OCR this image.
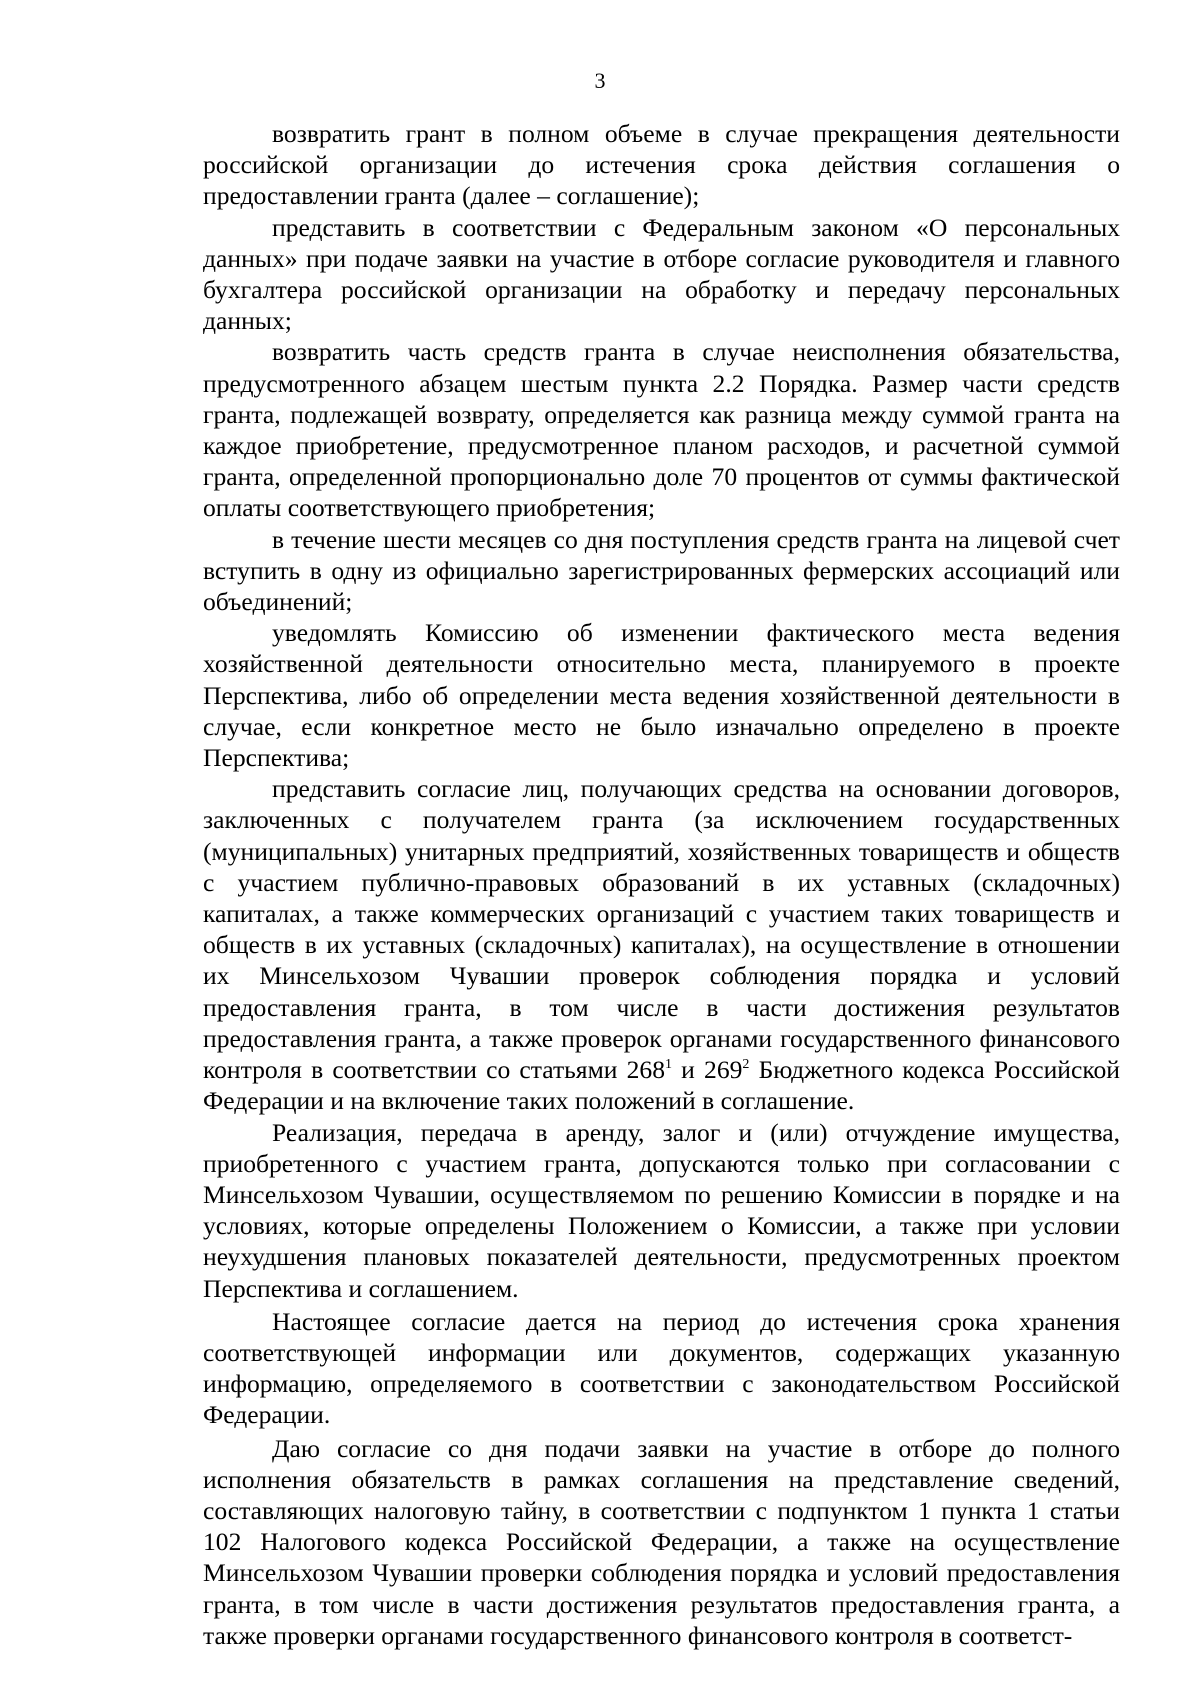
3

возвратить грант в полном объеме в случае прекращения деятельности российской организации до истечения срока действия соглашения о предоставлении гранта (далее – соглашение);

представить в соответствии с Федеральным законом «О персональных данных» при подаче заявки на участие в отборе согласие руководителя и главного бухгалтера российской организации на обработку и передачу персональных данных;

возвратить часть средств гранта в случае неисполнения обязательства, предусмотренного абзацем шестым пункта 2.2 Порядка. Размер части средств гранта, подлежащей возврату, определяется как разница между суммой гранта на каждое приобретение, предусмотренное планом расходов, и расчетной суммой гранта, определенной пропорционально доле 70 процентов от суммы фактической оплаты соответствующего приобретения;

в течение шести месяцев со дня поступления средств гранта на лицевой счет вступить в одну из официально зарегистрированных фермерских ассоциаций или объединений;

уведомлять Комиссию об изменении фактического места ведения хозяйственной деятельности относительно места, планируемого в проекте Перспектива, либо об определении места ведения хозяйственной деятельности в случае, если конкретное место не было изначально определено в проекте Перспектива;

представить согласие лиц, получающих средства на основании договоров, заключенных с получателем гранта (за исключением государственных (муниципальных) унитарных предприятий, хозяйственных товариществ и обществ с участием публично-правовых образований в их уставных (складочных) капиталах, а также коммерческих организаций с участием таких товариществ и обществ в их уставных (складочных) капиталах), на осуществление в отношении их Минсельхозом Чувашии проверок соблюдения порядка и условий предоставления гранта, в том числе в части достижения результатов предоставления гранта, а также проверок органами государственного финансового контроля в соответствии со статьями $268^1$ и $269^2$ Бюджетного кодекса Российской Федерации и на включение таких положений в соглашение.

Реализация, передача в аренду, залог и (или) отчуждение имущества, приобретенного с участием гранта, допускаются только при согласовании с Минсельхозом Чувашии, осуществляемом по решению Комиссии в порядке и на условиях, которые определены Положением о Комиссии, а также при условии неухудшения плановых показателей деятельности, предусмотренных проектом Перспектива и соглашением.

Настоящее согласие дается на период до истечения срока хранения соответствующей информации или документов, содержащих указанную информацию, определяемого в соответствии с законодательством Российской Федерации.

Даю согласие со дня подачи заявки на участие в отборе до полного исполнения обязательств в рамках соглашения на представление сведений, составляющих налоговую тайну, в соответствии с подпунктом 1 пункта 1 статьи 102 Налогового кодекса Российской Федерации, а также на осуществление Минсельхозом Чувашии проверки соблюдения порядка и условий предоставления гранта, в том числе в части достижения результатов предоставления гранта, а также проверки органами государственного финансового контроля в соответст-
